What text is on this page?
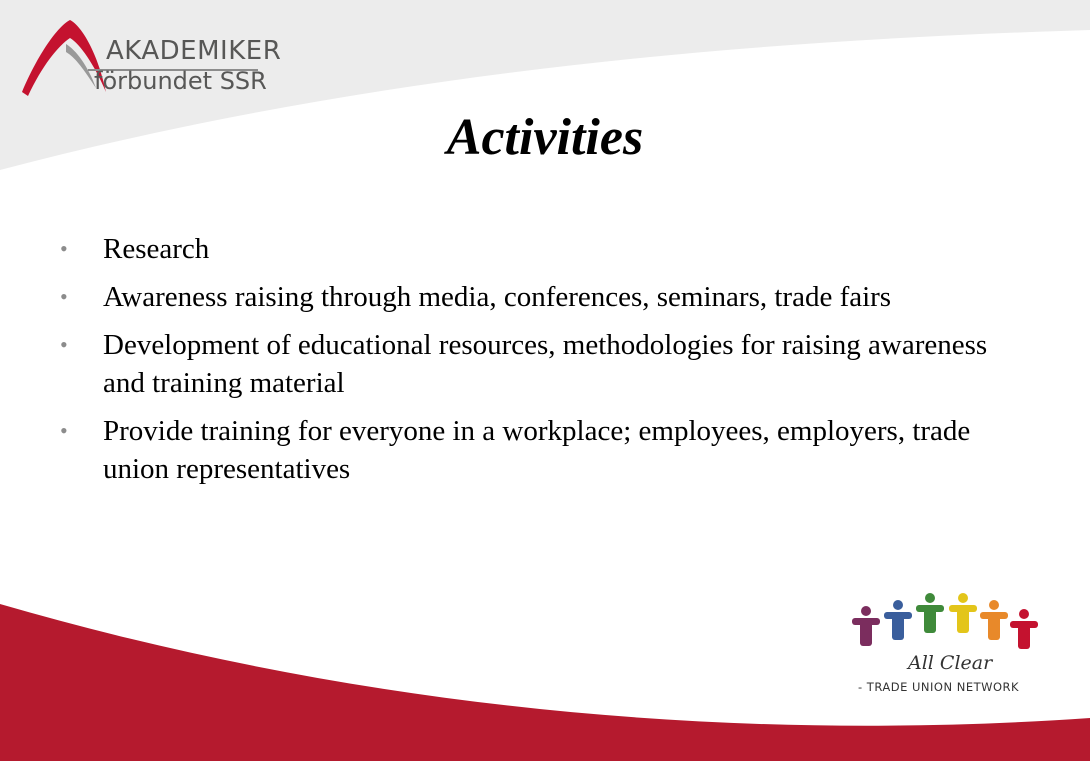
AKADEMIKER
förbundet SSR
Activities
• Research
• Awareness raising through media, conferences, seminars, trade fairs
• Development of educational resources, methodologies for raising awareness and training material
• Provide training for everyone in a workplace; employees, employers, trade union representatives
All Clear
- TRADE UNION NETWORK
